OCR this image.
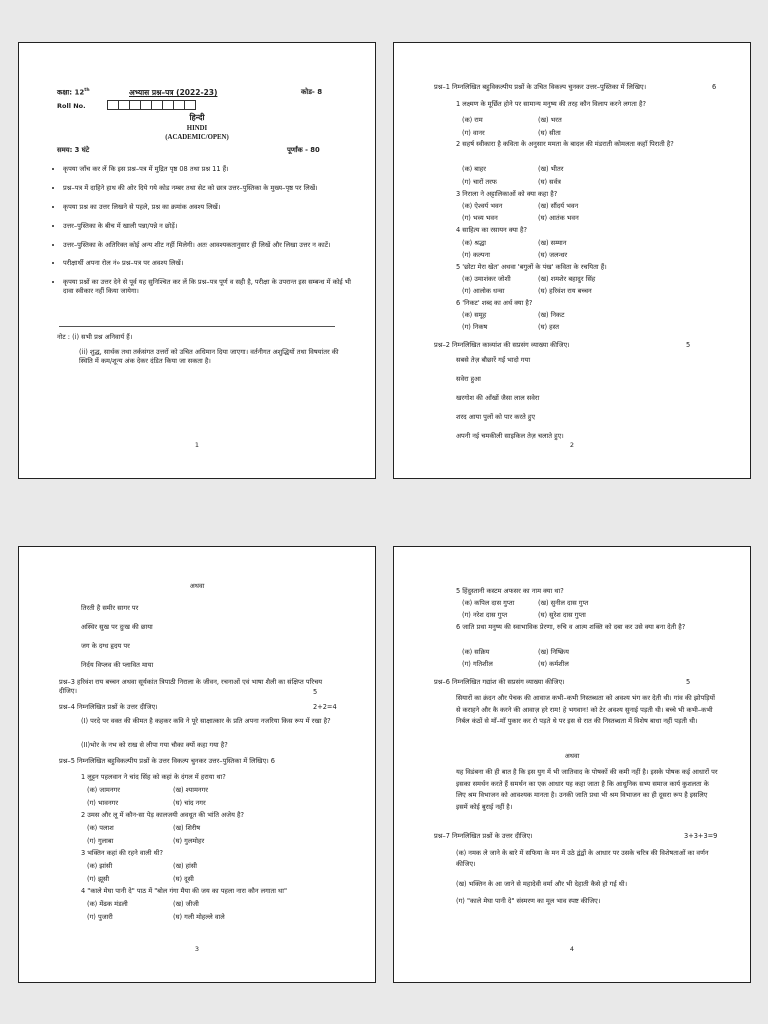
कक्षा: 12th	अभ्यास प्रश्न–पत्र (2022-23)	कोड- 8
Roll No.
हिन्दी
HINDI
(ACADEMIC/OPEN)
समय: 3 घंटे	पूर्णांक - 80
• कृपया जाँच कर लें कि इस प्रश्न–पत्र में मुद्रित पृष्ठ 08 तथा प्रश्न 11 हैं।
• प्रश्न–पत्र में दाहिने हाथ की ओर दिये गये कोड नम्बर तथा सेट को छात्र उत्तर–पुस्तिका के मुख्य–पृष्ठ पर लिखें।
• कृपया प्रश्न का उत्तर लिखने से पहले, प्रश्न का क्रमांक अवश्य लिखें।
• उत्तर–पुस्तिका के बीच में खाली पन्ना/पन्ने न छोड़ें।
• उत्तर–पुस्तिका के अतिरिक्त कोई अन्य शीट नहीं मिलेगी। अतः आवश्यकतानुसार ही लिखें और लिखा उत्तर न काटें।
• परीक्षार्थी अपना रोल नं० प्रश्न–पत्र पर अवश्य लिखें।
• कृपया प्रश्नों का उत्तर देने से पूर्व यह सुनिश्चित कर लें कि प्रश्न–पत्र पूर्ण व सही है, परीक्षा के उपरान्त इस सम्बन्ध में कोई भी दावा स्वीकार नहीं किया जायेगा।
नोट : (i) सभी प्रश्न अनिवार्य हैं।
(ii) शुद्ध, सार्थक तथा तर्कसंगत उत्तरों को उचित अधिमान दिया जाएगा। वर्तनीगत अशुद्धियों तथा विषयांतर की स्थिति में कम/शून्य अंक देकर दंडित किया जा सकता है।
1
प्रश्न–1 निम्नलिखित बहुविकल्पीय प्रश्नों के उचित विकल्प चुनकर उत्तर–पुस्तिका में लिखिए।	6
1 लक्ष्मण के मूर्छित होने पर सामान्य मनुष्य की तरह कौन विलाप करने लगता है?
(क) राम	(ख) भरत
(ग) वानर	(घ) सीता
2 सहर्ष स्वीकारा है कविता के अनुसार ममता के बादल की मंडराती कोमलता कहाँ पिराती है?
(क) बाहर	(ख) भीतर
(ग) चारों तरफ	(घ) सर्वत्र
3 निराला ने अट्टालिकाओं को क्या कहा है?
(क) ऐश्वर्य भवन	(ख) सौंदर्य भवन
(ग) भव्य भवन	(घ) आतंक भवन
4 साहित्य का रसायन क्या है?
(क) श्रद्धा	(ख) सम्मान
(ग) कल्पना	(घ) जलन्धर
5 'छोटा मेरा खेत' अथवा 'बगुलों के पंख' कविता के रचयिता हैं।
(क) उमाशंकर जोशी	(ख) शमशेर बहादुर सिंह
(ग) आलोक धन्वा	(घ) हरिवंश राय बच्चन
6 'निकट' शब्द का अर्थ क्या है?
(क) समूह	(ख) निकट
(ग) निकष	(घ) हस्त
प्रश्न–2 निम्नलिखित काव्यांश की सप्रसंग व्याख्या कीजिए।	5
सबसे तेज़ बौछारें गईं भादो गया
सवेरा हुआ
खरगोश की आँखों जैसा लाल सवेरा
शरद आया पुलों को पार करते हुए
अपनी नई चमकीली साइकिल तेज़ चलाते हुए।
2
अथवा
तिरती है समीर सागर पर
अस्थिर सुख पर दुःख की छाया
जग के दग्ध हृदय पर
निर्दय विप्लव की प्लावित माया
प्रश्न–3 हरिवंश राय बच्चन अथवा सूर्यकांत त्रिपाठी निराला के जीवन, रचनाओं एवं भाषा शैली का संक्षिप्त परिचय दीजिए।	5
प्रश्न–4 निम्नलिखित प्रश्नों के उत्तर दीजिए।	2+2=4
(I) परदे पर वक्त की कीमत है कहकर कवि ने पूरे साक्षात्कार के प्रति अपना नजरिया किस रूप में रखा है?
(II)भोर के नभ को राख से लीपा गया चौका क्यों कहा गया है?
प्रश्न–5 निम्नलिखित बहुविकल्पीय प्रश्नों के उत्तर विकल्प चुनकर उत्तर–पुस्तिका में लिखिए। 6
1 लुट्टन पहलवान ने चांद सिंह को कहां के दंगल में हराया था?
(क) जामनगर	(ख) श्यामनगर
(ग) भावनगर	(घ) चांद नगर
2 उमस और लू में कौन-सा पेड़ कालजयी अवधूत की भांति अजेय है?
(क) पलाश	(ख) शिरीष
(ग) गुलाबा	(घ) गुलमोहर
3 भक्तिन कहां की रहने वाली थी?
(क) झांसी	(ख) हांसी
(ग) झूसी	(घ) दूसी
4 "काले मेघा पानी दे" पाठ में "बोल गंगा मैया की जय का पहला नारा कौन लगाता था"
(क) मेंढक मंडली	(ख) जीजी
(ग) पुजारी	(घ) गली मोहल्ले वाले
3
5 हिंदुस्तानी कस्टम अफसर का नाम क्या था?
(क) कपिल दास गुप्ता	(ख) सुनील दास गुप्त
(ग) नरेश दास गुप्त	(घ) सुरेश दास गुप्ता
6 जाति प्रथा मनुष्य की स्वाभाविक प्रेरणा, रुचि व आत्म शक्ति को दबा कर उसे क्या बना देती है?
(क) सक्रिय	(ख) निष्क्रिय
(ग) गतिशील	(घ) कर्मशील
प्रश्न–6 निम्नलिखित गद्यांश की सप्रसंग व्याख्या कीजिए।	5
सियारों का क्रंदन और पेचक की आवाज कभी–कभी निस्तब्धता को अवश्य भंग कर देती थी। गांव की झोपड़ियों से कराहने और कै करने की आवाज़ हरे राम! हे भगवान! को टेर अवश्य सुनाई पड़ती थी। बच्चे भी कभी–कभी निर्बल कंठों से माँ–माँ पुकार कर रो पड़ते थे पर इस से रात की निस्तब्धता में विशेष बाधा नहीं पड़ती थी।
अथवा
यह विडंबना की ही बात है कि इस युग में भी जातिवाद के पोषकों की कमी नहीं है। इसके पोषक कई आधारों पर इसका समर्थन करते हैं समर्थन का एक आधार यह कहा जाता है कि आधुनिक सभ्य समाज कार्य कुशलता के लिए श्रम विभाजन को आवश्यक मानता है। उनकी जाति प्रथा भी श्रम विभाजन का ही दूसरा रूप है इसलिए इसमें कोई बुराई नहीं है।
प्रश्न–7 निम्नलिखित प्रश्नों के उत्तर दीजिए।	3+3+3=9
(क) नमक ले जाने के बारे में सफिया के मन में उठे द्वंद्वों के आधार पर उसके चरित्र की विशेषताओं का वर्णन कीजिए।
(ख) भक्तिन के आ जाने से महादेवी वर्मा और भी देहाती कैसे हो गई थी।
(ग) "काले मेघा पानी दे" संस्मरण का मूल भाव स्पष्ट कीजिए।
4
